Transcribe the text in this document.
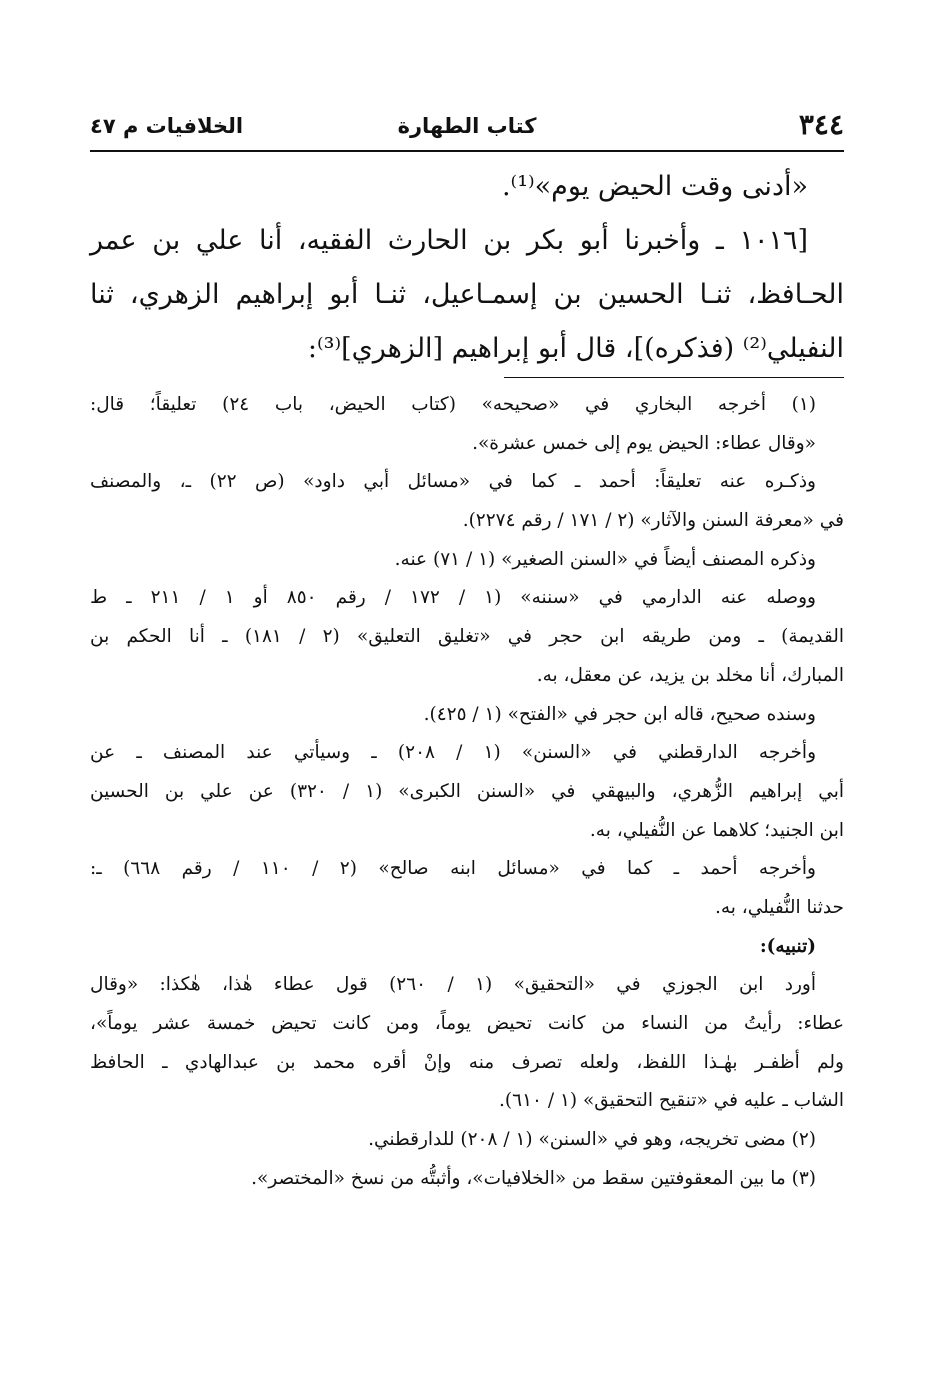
٣٤٤
كتاب الطهارة
الخلافيات م ٤٧
«أدنى وقت الحيض يوم»⁽¹⁾.
[١٠١٦ ـ وأخبرنا أبو بكر بن الحارث الفقيه، أنا علي بن عمر
الحـافظ، ثنـا الحسين بن إسمـاعيل، ثنـا أبو إبراهيم الزهري، ثنا
النفيلي⁽²⁾ (فذكره)]، قال أبو إبراهيم [الزهري]⁽³⁾:
(١) أخرجه البخاري في «صحيحه» (كتاب الحيض، باب ٢٤) تعليقاً؛ قال:
«وقال عطاء: الحيض يوم إلى خمس عشرة».
وذكـره عنه تعليقاً: أحمد ـ كما في «مسائل أبي داود» (ص ٢٢) ـ، والمصنف
في «معرفة السنن والآثار» (٢ / ١٧١ / رقم ٢٢٧٤).
وذكره المصنف أيضاً في «السنن الصغير» (١ / ٧١) عنه.
ووصله عنه الدارمي في «سننه» (١ / ١٧٢ / رقم ٨٥٠ أو ١ / ٢١١ ـ ط
القديمة) ـ ومن طريقه ابن حجر في «تغليق التعليق» (٢ / ١٨١) ـ أنا الحكم بن
المبارك، أنا مخلد بن يزيد، عن معقل، به.
وسنده صحيح، قاله ابن حجر في «الفتح» (١ / ٤٢٥).
وأخرجه الدارقطني في «السنن» (١ / ٢٠٨) ـ وسيأتي عند المصنف ـ عن
أبي إبراهيم الزُّهري، والبيهقي في «السنن الكبرى» (١ / ٣٢٠) عن علي بن الحسين
ابن الجنيد؛ كلاهما عن النُّفيلي، به.
وأخرجه أحمد ـ كما في «مسائل ابنه صالح» (٢ / ١١٠ / رقم ٦٦٨) ـ:
حدثنا النُّفيلي، به.
(تنبيه):
أورد ابن الجوزي في «التحقيق» (١ / ٢٦٠) قول عطاء هٰذا، هٰكذا: «وقال
عطاء: رأيتُ من النساء من كانت تحيض يوماً، ومن كانت تحيض خمسة عشر يوماً»،
ولم أظفـر بهٰـذا اللفظ، ولعله تصرف منه وإنْ أقره محمد بن عبدالهادي ـ الحافظ
الشاب ـ عليه في «تنقيح التحقيق» (١ / ٦١٠).
(٢) مضى تخريجه، وهو في «السنن» (١ / ٢٠٨) للدارقطني.
(٣) ما بين المعقوفتين سقط من «الخلافيات»، وأثبتُّه من نسخ «المختصر».
